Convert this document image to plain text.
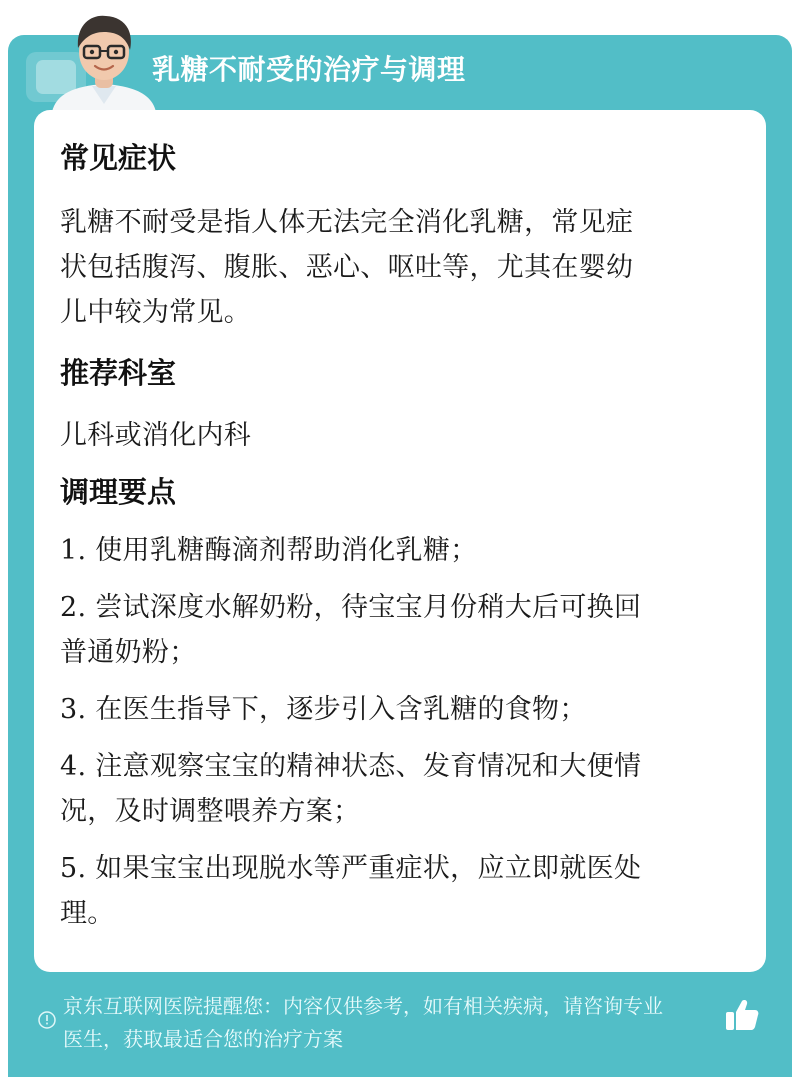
乳糖不耐受的治疗与调理
常见症状
乳糖不耐受是指人体无法完全消化乳糖，常见症
状包括腹泻、腹胀、恶心、呕吐等，尤其在婴幼
儿中较为常见。
推荐科室
儿科或消化内科
调理要点
1. 使用乳糖酶滴剂帮助消化乳糖；
2. 尝试深度水解奶粉，待宝宝月份稍大后可换回
普通奶粉；
3. 在医生指导下，逐步引入含乳糖的食物；
4. 注意观察宝宝的精神状态、发育情况和大便情
况，及时调整喂养方案；
5. 如果宝宝出现脱水等严重症状，应立即就医处
理。
京东互联网医院提醒您：内容仅供参考，如有相关疾病，请咨询专业
医生，获取最适合您的治疗方案
